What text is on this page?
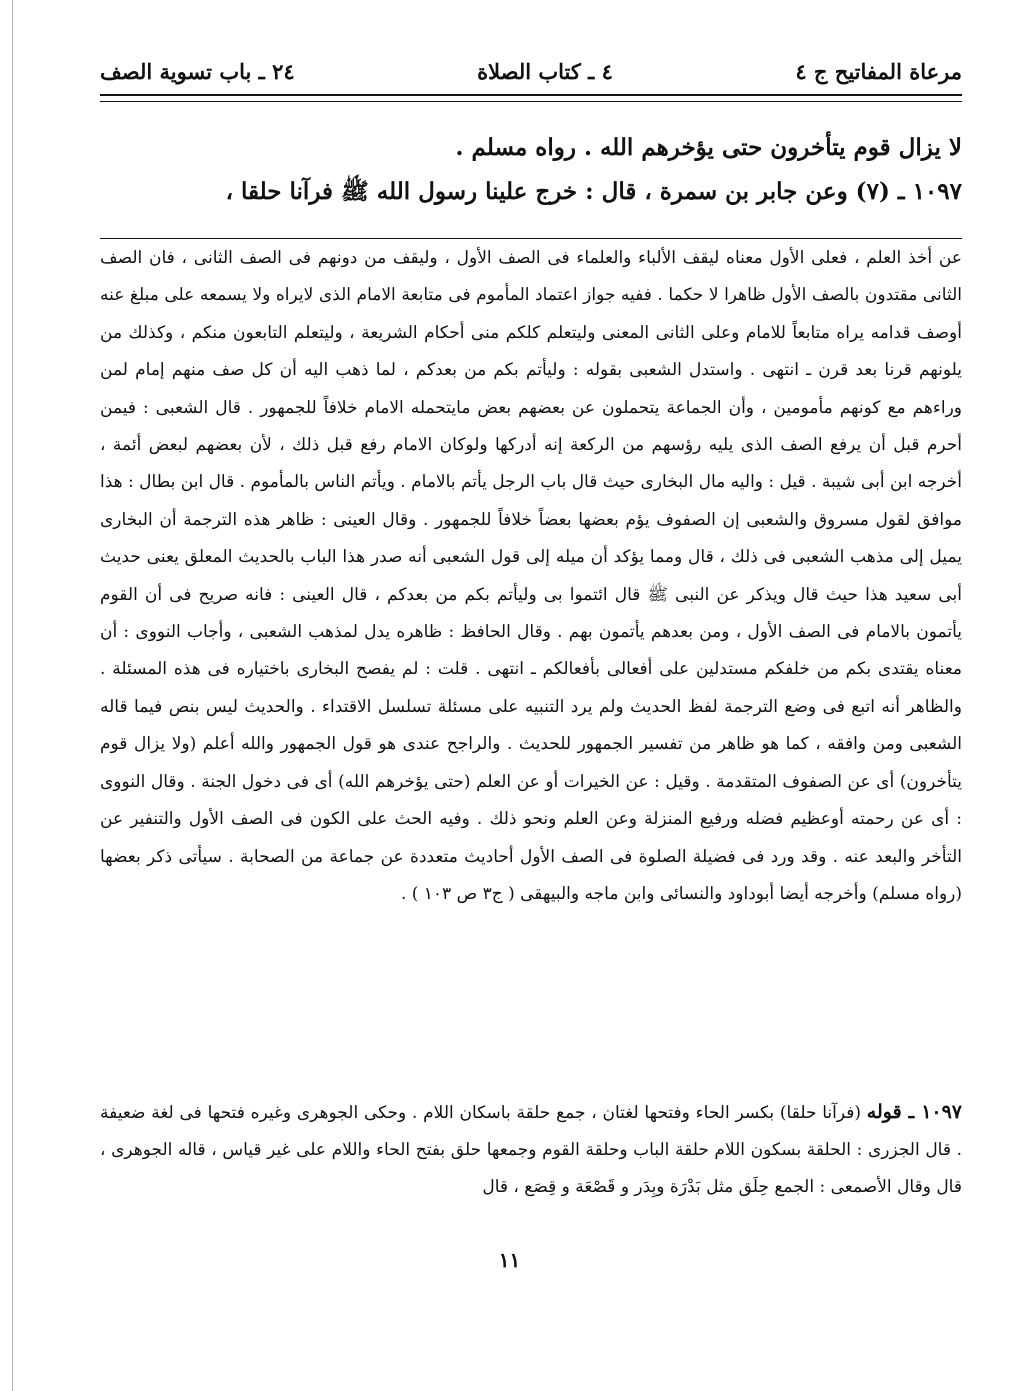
مرعاة المفاتيح ج ٤
٤ ـ كتاب الصلاة
٢٤ ـ باب تسوية الصف

لا يزال قوم يتأخرون حتى يؤخرهم الله . رواه مسلم .

١٠٩٧ ـ (٧) وعن جابر بن سمرة ، قال : خرج علينا رسول الله ﷺ فرآنا حلقا ،

عن أخذ العلم ، فعلى الأول معناه ليقف الألباء والعلماء فى الصف الأول ، وليقف من دونهم فى الصف الثانى ، فان الصف الثانى مقتدون بالصف الأول ظاهرا لا حكما . ففيه جواز اعتماد المأموم فى متابعة الامام الذى لايراه ولا يسمعه على مبلغ عنه أوصف قدامه يراه متابعاً للامام وعلى الثانى المعنى وليتعلم كلكم منى أحكام الشريعة ، وليتعلم التابعون منكم ، وكذلك من يلونهم قرنا بعد قرن ـ انتهى . واستدل الشعبى بقوله : وليأتم بكم من بعدكم ، لما ذهب اليه أن كل صف منهم إمام لمن وراءهم مع كونهم مأمومين ، وأن الجماعة يتحملون عن بعضهم بعض مايتحمله الامام خلافاً للجمهور . قال الشعبى : فيمن أحرم قبل أن يرفع الصف الذى يليه رؤسهم من الركعة إنه أدركها ولوكان الامام رفع قبل ذلك ، لأن بعضهم لبعض أئمة ، أخرجه ابن أبى شيبة . قيل : واليه مال البخارى حيث قال باب الرجل يأتم بالامام . ويأتم الناس بالمأموم . قال ابن بطال : هذا موافق لقول مسروق والشعبى إن الصفوف يؤم بعضها بعضاً خلافاً للجمهور . وقال العينى : ظاهر هذه الترجمة أن البخارى يميل إلى مذهب الشعبى فى ذلك ، قال ومما يؤكد أن ميله إلى قول الشعبى أنه صدر هذا الباب بالحديث المعلق يعنى حديث أبى سعيد هذا حيث قال ويذكر عن النبى ﷺ قال ائتموا بى وليأتم بكم من بعدكم ، قال العينى : فانه صريح فى أن القوم يأتمون بالامام فى الصف الأول ، ومن بعدهم يأتمون بهم . وقال الحافظ : ظاهره يدل لمذهب الشعبى ، وأجاب النووى : أن معناه يقتدى بكم من خلفكم مستدلين على أفعالى بأفعالكم ـ انتهى . قلت : لم يفصح البخارى باختياره فى هذه المسئلة . والظاهر أنه اتبع فى وضع الترجمة لفظ الحديث ولم يرد التنبيه على مسئلة تسلسل الاقتداء . والحديث ليس بنص فيما قاله الشعبى ومن وافقه ، كما هو ظاهر من تفسير الجمهور للحديث . والراجح عندى هو قول الجمهور والله أعلم (ولا يزال قوم يتأخرون) أى عن الصفوف المتقدمة . وقيل : عن الخيرات أو عن العلم (حتى يؤخرهم الله) أى فى دخول الجنة . وقال النووى : أى عن رحمته أوعظيم فضله ورفيع المنزلة وعن العلم ونحو ذلك . وفيه الحث على الكون فى الصف الأول والتنفير عن التأخر والبعد عنه . وقد ورد فى فضيلة الصلوة فى الصف الأول أحاديث متعددة عن جماعة من الصحابة . سيأتى ذكر بعضها (رواه مسلم) وأخرجه أيضا أبوداود والنسائى وابن ماجه والبيهقى ( ج٣ ص ١٠٣ ) .

١٠٩٧ ـ قوله (فرآنا حلقا) بكسر الحاء وفتحها لغتان ، جمع حلقة باسكان اللام . وحكى الجوهرى وغيره فتحها فى لغة ضعيفة . قال الجزرى : الحلقة بسكون اللام حلقة الباب وحلقة القوم وجمعها حلق بفتح الحاء واللام على غير قياس ، قاله الجوهرى ، قال وقال الأصمعى : الجمع حِلَق مثل بَدْرَة وبِدَر و قَصْعَة و قِصَع ، قال

١١
